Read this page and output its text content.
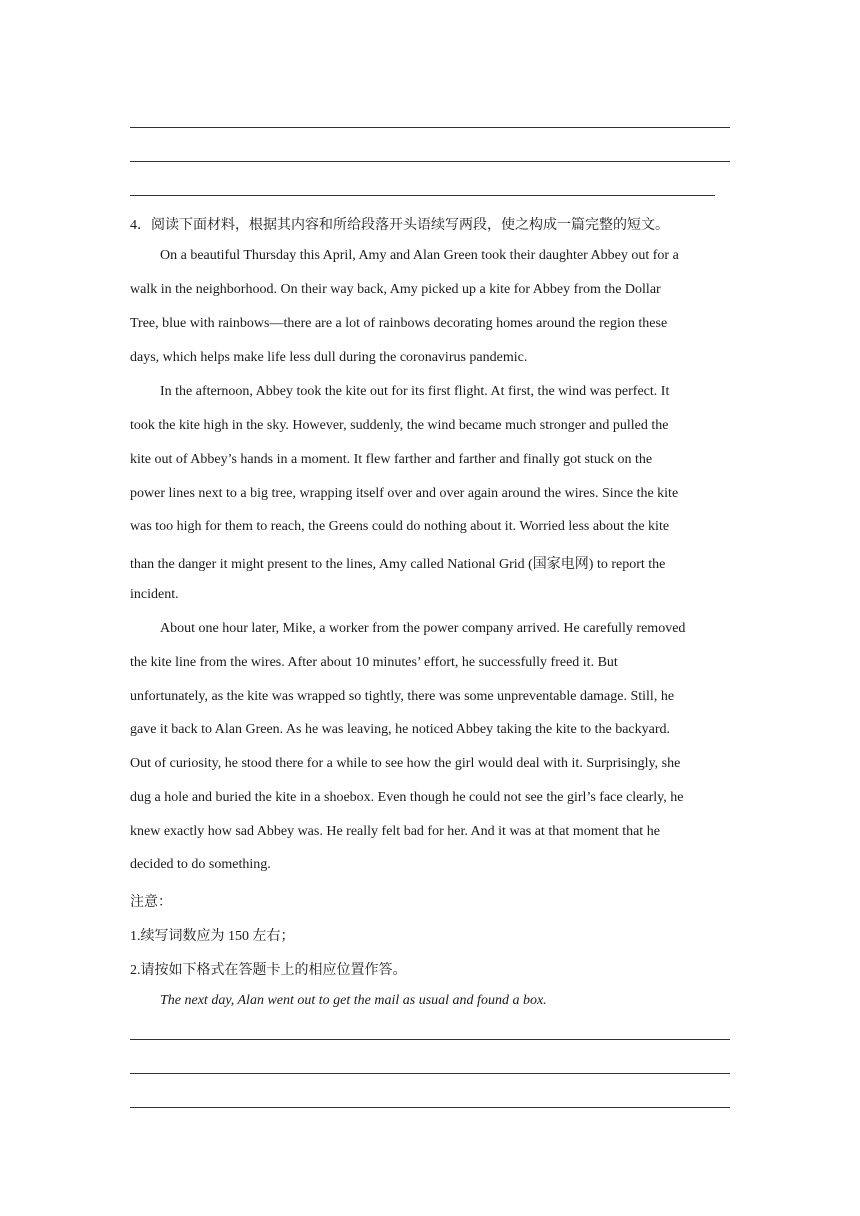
4．阅读下面材料，根据其内容和所给段落开头语续写两段，使之构成一篇完整的短文。
On a beautiful Thursday this April, Amy and Alan Green took their daughter Abbey out for a
walk in the neighborhood. On their way back, Amy picked up a kite for Abbey from the Dollar
Tree, blue with rainbows—there are a lot of rainbows decorating homes around the region these
days, which helps make life less dull during the coronavirus pandemic.
In the afternoon, Abbey took the kite out for its first flight. At first, the wind was perfect. It
took the kite high in the sky. However, suddenly, the wind became much stronger and pulled the
kite out of Abbey’s hands in a moment. It flew farther and farther and finally got stuck on the
power lines next to a big tree, wrapping itself over and over again around the wires. Since the kite
was too high for them to reach, the Greens could do nothing about it. Worried less about the kite
than the danger it might present to the lines, Amy called National Grid (国家电网) to report the
incident.
About one hour later, Mike, a worker from the power company arrived. He carefully removed
the kite line from the wires. After about 10 minutes’ effort, he successfully freed it. But
unfortunately, as the kite was wrapped so tightly, there was some unpreventable damage. Still, he
gave it back to Alan Green. As he was leaving, he noticed Abbey taking the kite to the backyard.
Out of curiosity, he stood there for a while to see how the girl would deal with it. Surprisingly, she
dug a hole and buried the kite in a shoebox. Even though he could not see the girl’s face clearly, he
knew exactly how sad Abbey was. He really felt bad for her. And it was at that moment that he
decided to do something.
注意：
1.续写词数应为 150 左右；
2.请按如下格式在答题卡上的相应位置作答。
The next day, Alan went out to get the mail as usual and found a box.
